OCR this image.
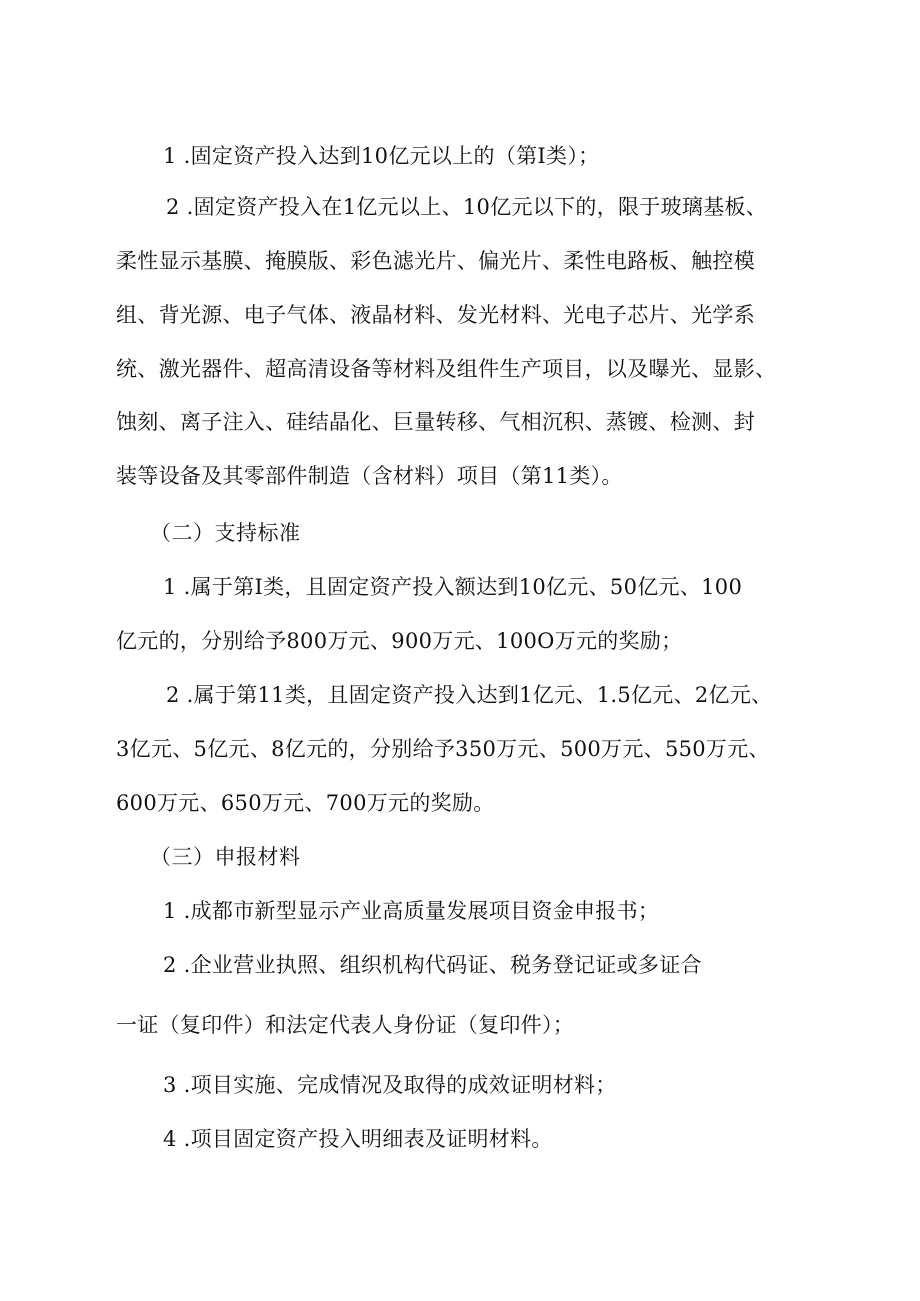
1 .固定资产投入达到10亿元以上的（第I类）；
2 .固定资产投入在1亿元以上、10亿元以下的，限于玻璃基板、
柔性显示基膜、掩膜版、彩色滤光片、偏光片、柔性电路板、触控模
组、背光源、电子气体、液晶材料、发光材料、光电子芯片、光学系
统、激光器件、超高清设备等材料及组件生产项目，以及曝光、显影、
蚀刻、离子注入、硅结晶化、巨量转移、气相沉积、蒸镀、检测、封
装等设备及其零部件制造（含材料）项目（第11类）。
（二）支持标准
1 .属于第I类，且固定资产投入额达到10亿元、50亿元、100
亿元的，分别给予800万元、900万元、100O万元的奖励；
2 .属于第11类，且固定资产投入达到1亿元、1.5亿元、2亿元、
3亿元、5亿元、8亿元的，分别给予350万元、500万元、550万元、
600万元、650万元、700万元的奖励。
（三）申报材料
1 .成都市新型显示产业高质量发展项目资金申报书；
2 .企业营业执照、组织机构代码证、税务登记证或多证合
一证（复印件）和法定代表人身份证（复印件）；
3 .项目实施、完成情况及取得的成效证明材料；
4 .项目固定资产投入明细表及证明材料。
